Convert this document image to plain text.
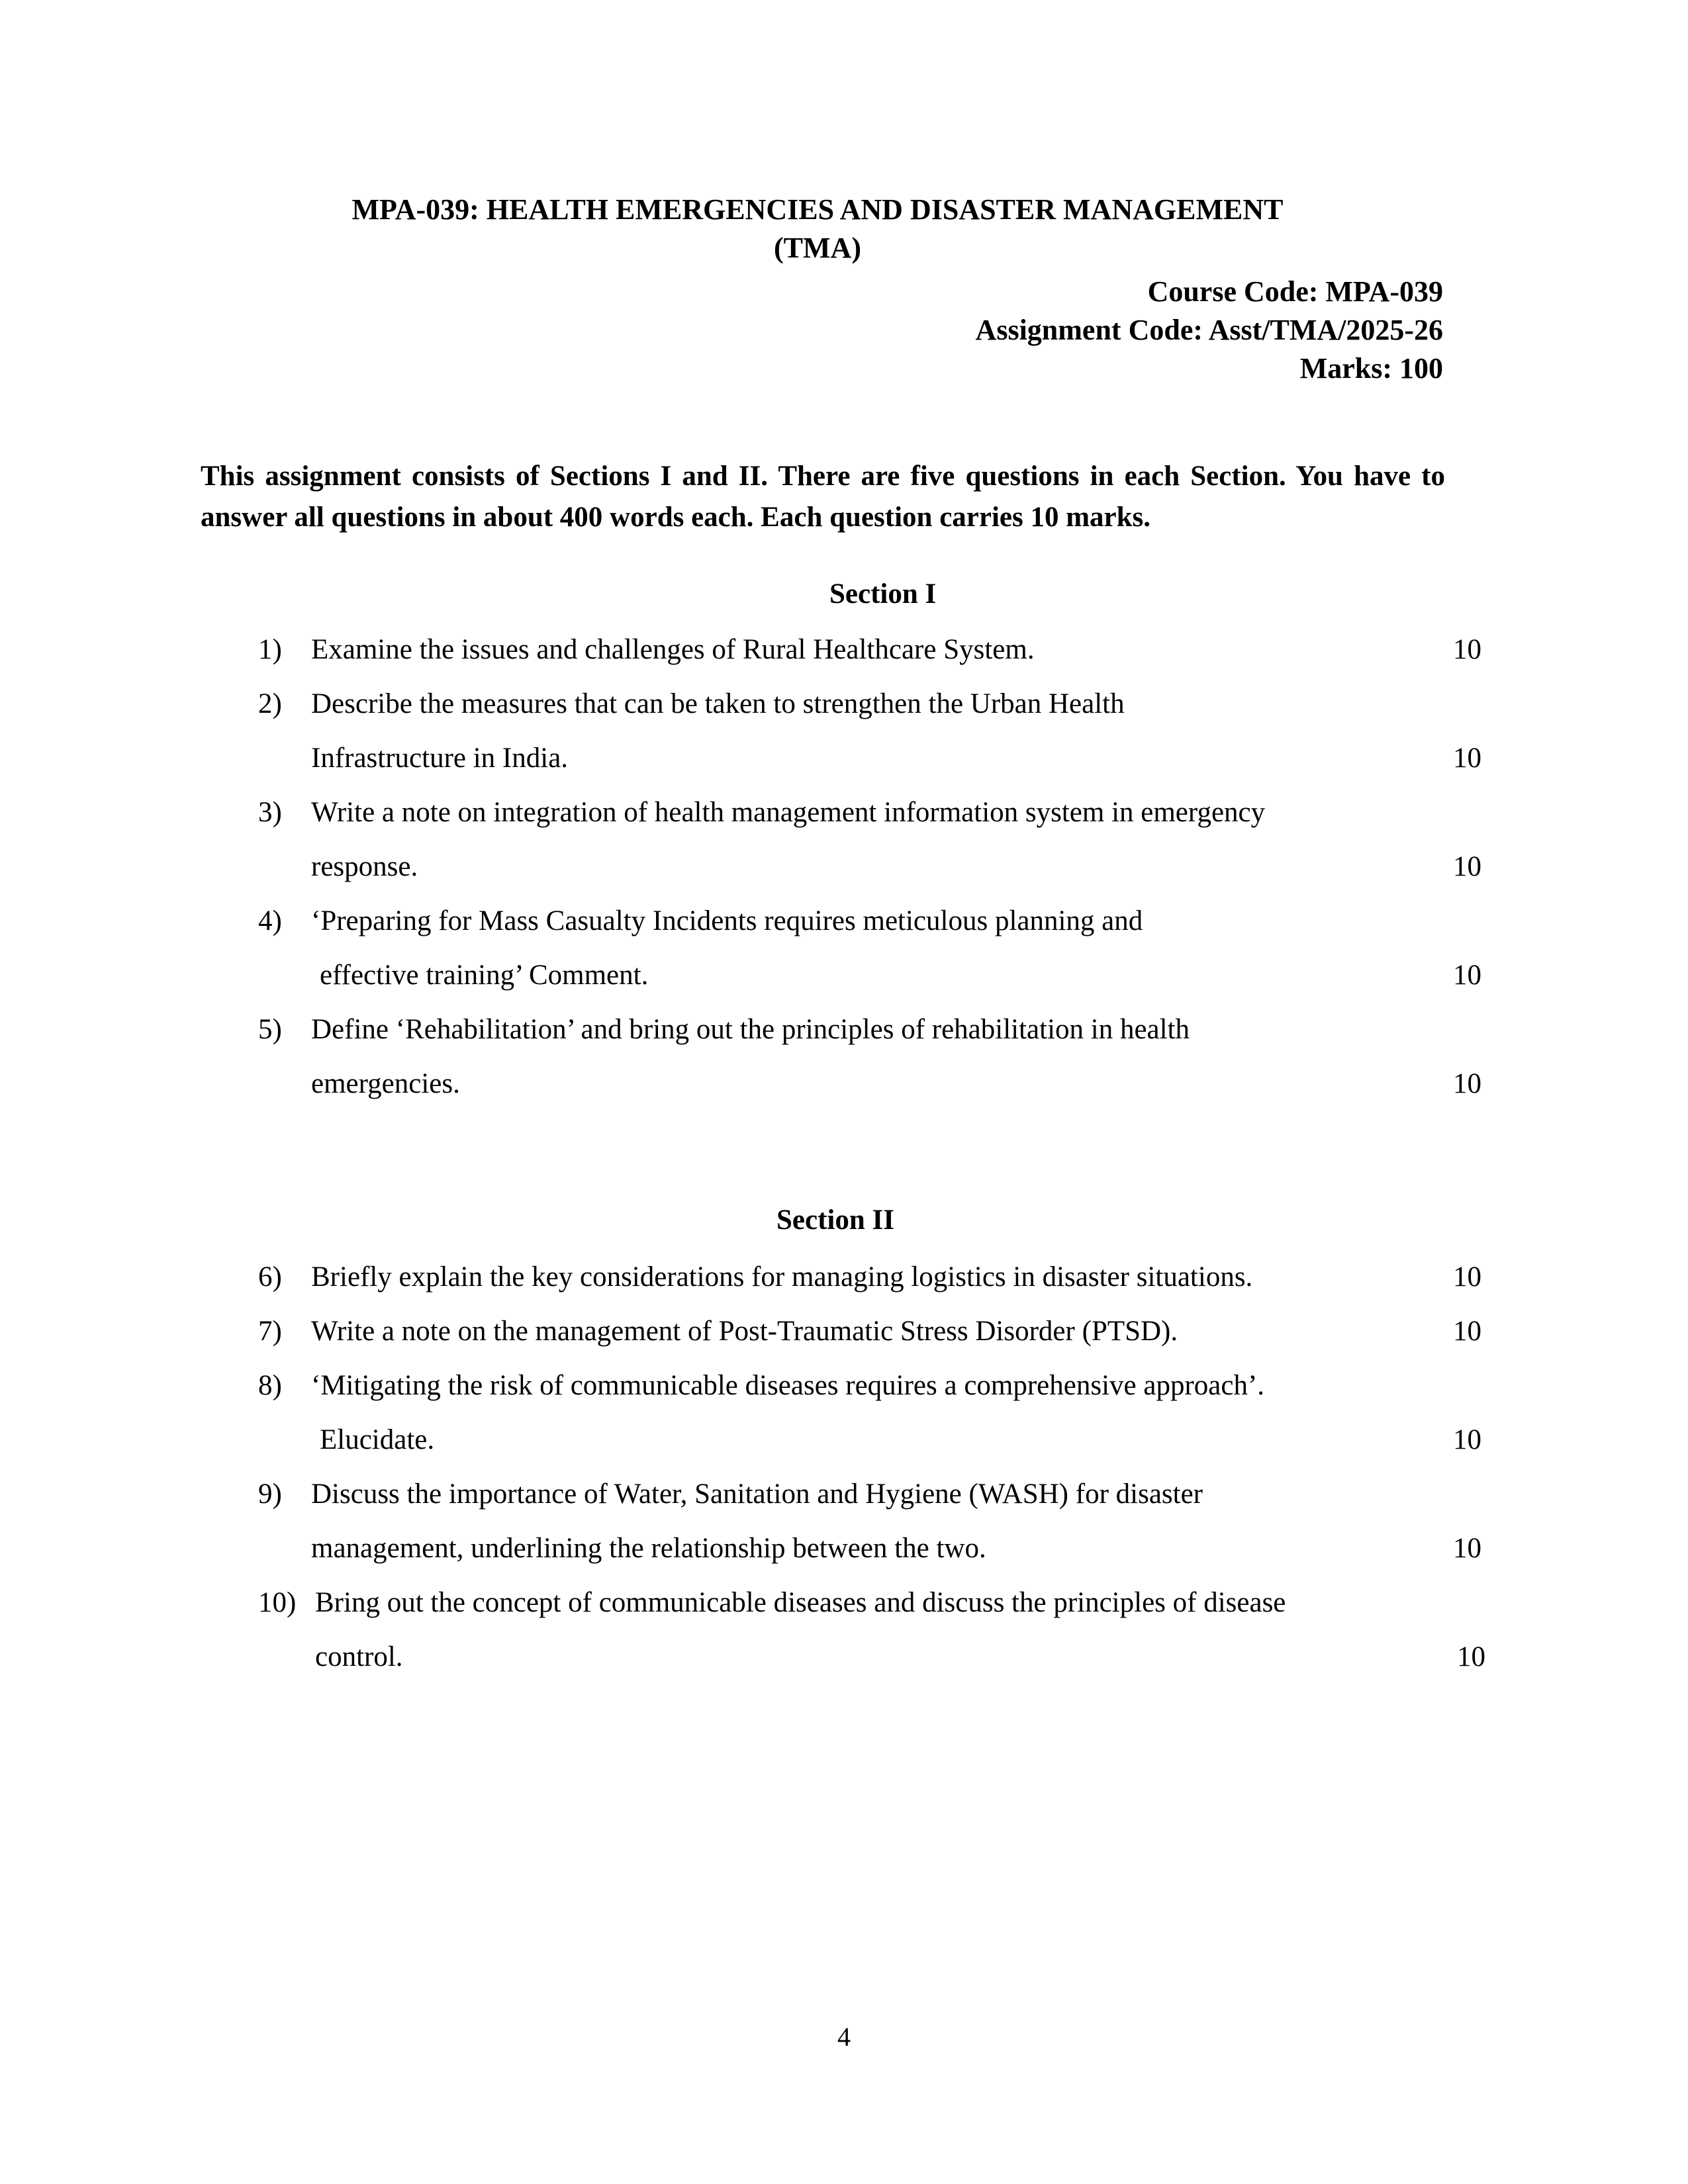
MPA-039: HEALTH EMERGENCIES AND DISASTER MANAGEMENT
(TMA)
Course Code: MPA-039
Assignment Code: Asst/TMA/2025-26
Marks: 100

This assignment consists of Sections I and II. There are five questions in each Section. You have to answer all questions in about 400 words each. Each question carries 10 marks.

Section I
1)	Examine the issues and challenges of Rural Healthcare System.	10
2)	Describe the measures that can be taken to strengthen the Urban Health
Infrastructure in India.	10
3)	Write a note on integration of health management information system in emergency
response.	10
4)	‘Preparing for Mass Casualty Incidents requires meticulous planning and
effective training’ Comment.	10
5)	Define ‘Rehabilitation’ and bring out the principles of rehabilitation in health
emergencies.	10
Section II
6)	Briefly explain the key considerations for managing logistics in disaster situations.	10
7)	Write a note on the management of Post-Traumatic Stress Disorder (PTSD).	10
8)	‘Mitigating the risk of communicable diseases requires a comprehensive approach’.
Elucidate.	10
9)	Discuss the importance of Water, Sanitation and Hygiene (WASH) for disaster
management, underlining the relationship between the two.	10
10) Bring out the concept of communicable diseases and discuss the principles of disease
control.	10
4
